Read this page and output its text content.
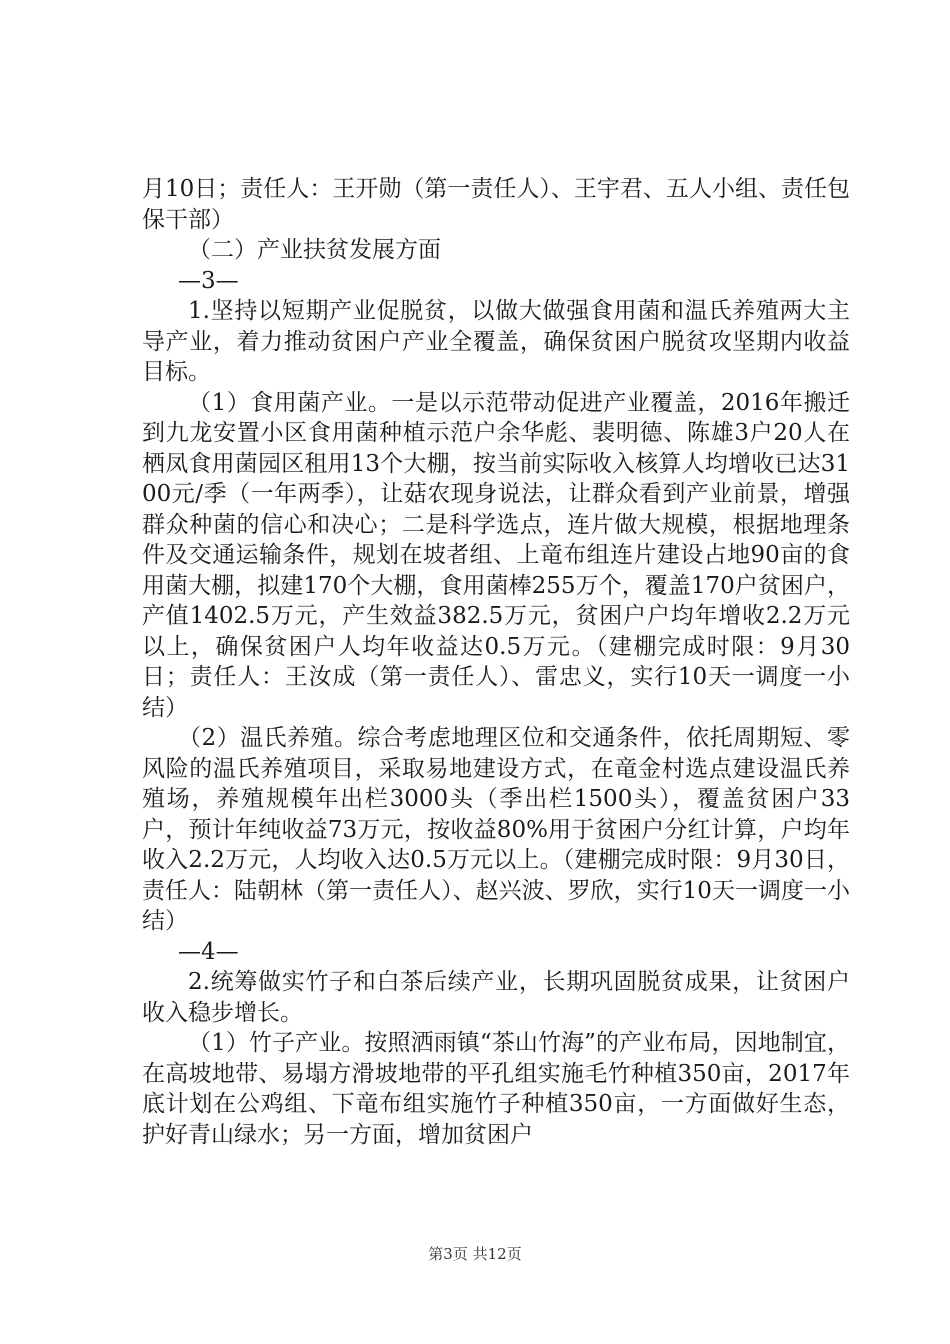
月10日；责任人：王开勋（第一责任人）、王宇君、五人小组、责任包保干部）

（二）产业扶贫发展方面

—3—

1.坚持以短期产业促脱贫，以做大做强食用菌和温氏养殖两大主导产业，着力推动贫困户产业全覆盖，确保贫困户脱贫攻坚期内收益目标。

（1）食用菌产业。一是以示范带动促进产业覆盖，2016年搬迁到九龙安置小区食用菌种植示范户余华彪、裴明德、陈雄3户20人在栖凤食用菌园区租用13个大棚，按当前实际收入核算人均增收已达3100元/季（一年两季），让菇农现身说法，让群众看到产业前景，增强群众种菌的信心和决心；二是科学选点，连片做大规模，根据地理条件及交通运输条件，规划在坡者组、上竜布组连片建设占地90亩的食用菌大棚，拟建170个大棚，食用菌棒255万个，覆盖170户贫困户，产值1402.5万元，产生效益382.5万元，贫困户户均年增收2.2万元以上，确保贫困户人均年收益达0.5万元。（建棚完成时限：9月30日；责任人：王汝成（第一责任人）、雷忠义，实行10天一调度一小结）

（2）温氏养殖。综合考虑地理区位和交通条件，依托周期短、零风险的温氏养殖项目，采取易地建设方式，在竜金村选点建设温氏养殖场，养殖规模年出栏3000头（季出栏1500头），覆盖贫困户33户，预计年纯收益73万元，按收益80%用于贫困户分红计算，户均年收入2.2万元，人均收入达0.5万元以上。（建棚完成时限：9月30日，责任人：陆朝林（第一责任人）、赵兴波、罗欣，实行10天一调度一小结）

—4—

2.统筹做实竹子和白茶后续产业，长期巩固脱贫成果，让贫困户收入稳步增长。

（1）竹子产业。按照洒雨镇“茶山竹海”的产业布局，因地制宜，在高坡地带、易塌方滑坡地带的平孔组实施毛竹种植350亩，2017年底计划在公鸡组、下竜布组实施竹子种植350亩，一方面做好生态，护好青山绿水；另一方面，增加贫困户

第3页 共12页
